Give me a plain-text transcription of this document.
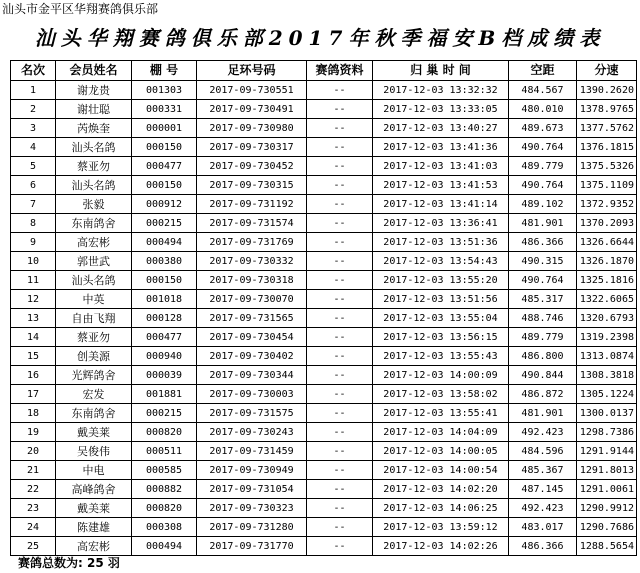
汕头市金平区华翔赛鸽俱乐部
汕头华翔赛鸽俱乐部2017年秋季福安B档成绩表
名次	会员姓名	棚 号	足环号码	赛鸽资料	归 巢 时 间	空距	分速
1	谢龙贵	001303	2017-09-730551	--	2017-12-03 13:32:32	484.567	1390.2620
2	谢壮聪	000331	2017-09-730491	--	2017-12-03 13:33:05	480.010	1378.9765
3	芮焕奎	000001	2017-09-730980	--	2017-12-03 13:40:27	489.673	1377.5762
4	汕头名鸽	000150	2017-09-730317	--	2017-12-03 13:41:36	490.764	1376.1815
5	蔡亚勿	000477	2017-09-730452	--	2017-12-03 13:41:03	489.779	1375.5326
6	汕头名鸽	000150	2017-09-730315	--	2017-12-03 13:41:53	490.764	1375.1109
7	张毅	000912	2017-09-731192	--	2017-12-03 13:41:14	489.102	1372.9352
8	东南鸽舍	000215	2017-09-731574	--	2017-12-03 13:36:41	481.901	1370.2093
9	高宏彬	000494	2017-09-731769	--	2017-12-03 13:51:36	486.366	1326.6644
10	郭世武	000380	2017-09-730332	--	2017-12-03 13:54:43	490.315	1326.1870
11	汕头名鸽	000150	2017-09-730318	--	2017-12-03 13:55:20	490.764	1325.1816
12	中英	001018	2017-09-730070	--	2017-12-03 13:51:56	485.317	1322.6065
13	自由飞翔	000128	2017-09-731565	--	2017-12-03 13:55:04	488.746	1320.6793
14	蔡亚勿	000477	2017-09-730454	--	2017-12-03 13:56:15	489.779	1319.2398
15	创美源	000940	2017-09-730402	--	2017-12-03 13:55:43	486.800	1313.0874
16	光辉鸽舍	000039	2017-09-730344	--	2017-12-03 14:00:09	490.844	1308.3818
17	宏发	001881	2017-09-730003	--	2017-12-03 13:58:02	486.872	1305.1224
18	东南鸽舍	000215	2017-09-731575	--	2017-12-03 13:55:41	481.901	1300.0137
19	戴美莱	000820	2017-09-730243	--	2017-12-03 14:04:09	492.423	1298.7386
20	吴俊伟	000511	2017-09-731459	--	2017-12-03 14:00:05	484.596	1291.9144
21	中电	000585	2017-09-730949	--	2017-12-03 14:00:54	485.367	1291.8013
22	高峰鸽舍	000882	2017-09-731054	--	2017-12-03 14:02:20	487.145	1291.0061
23	戴美莱	000820	2017-09-730323	--	2017-12-03 14:06:25	492.423	1290.9912
24	陈建雄	000308	2017-09-731280	--	2017-12-03 13:59:12	483.017	1290.7686
25	高宏彬	000494	2017-09-731770	--	2017-12-03 14:02:26	486.366	1288.5654
赛鸽总数为: 25 羽
